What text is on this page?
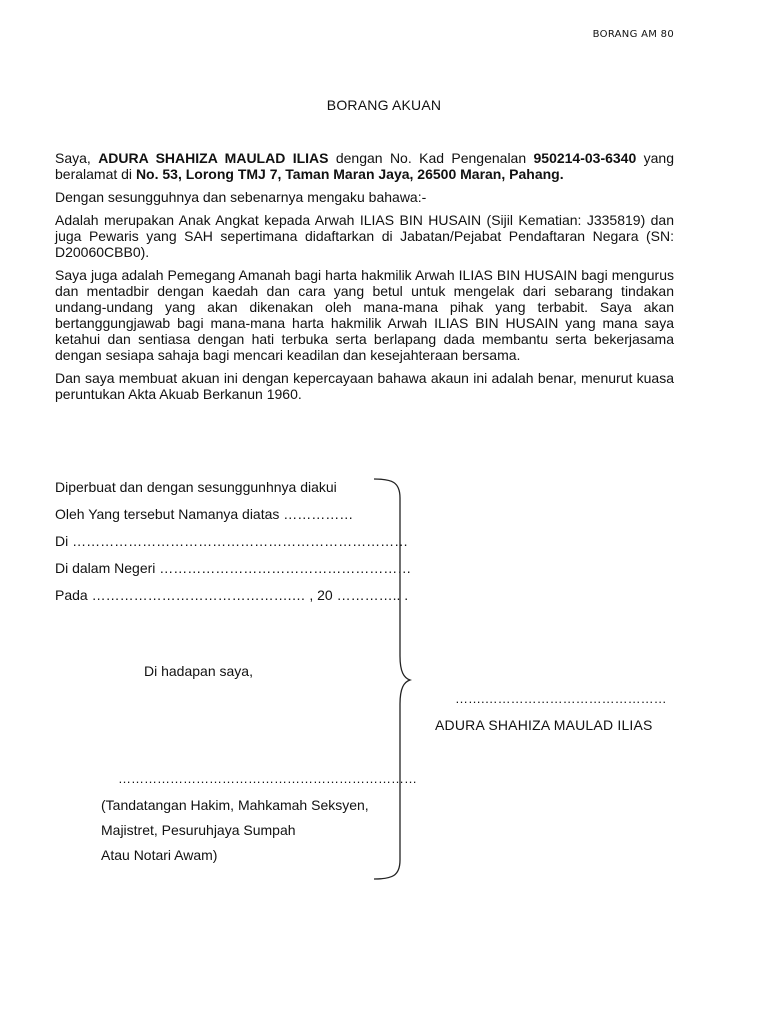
BORANG AM 80
BORANG AKUAN

Saya, ADURA SHAHIZA MAULAD ILIAS dengan No. Kad Pengenalan 950214-03-6340 yang beralamat di No. 53, Lorong TMJ 7, Taman Maran Jaya, 26500 Maran, Pahang.

Dengan sesungguhnya dan sebenarnya mengaku bahawa:-

Adalah merupakan Anak Angkat kepada Arwah ILIAS BIN HUSAIN (Sijil Kematian: J335819) dan juga Pewaris yang SAH sepertimana didaftarkan di Jabatan/Pejabat Pendaftaran Negara (SN: D20060CBB0).

Saya juga adalah Pemegang Amanah bagi harta hakmilik Arwah ILIAS BIN HUSAIN bagi mengurus dan mentadbir dengan kaedah dan cara yang betul untuk mengelak dari sebarang tindakan undang-undang yang akan dikenakan oleh mana-mana pihak yang terbabit. Saya akan bertanggungjawab bagi mana-mana harta hakmilik Arwah ILIAS BIN HUSAIN yang mana saya ketahui dan sentiasa dengan hati terbuka serta berlapang dada membantu serta bekerjasama dengan sesiapa sahaja bagi mencari keadilan dan kesejahteraan bersama.

Dan saya membuat akuan ini dengan kepercayaan bahawa akaun ini adalah benar, menurut kuasa peruntukan Akta Akuab Berkanun 1960.

Diperbuat dan dengan sesunggunhnya diakui
Oleh Yang tersebut Namanya diatas ……………
Di ………………………………………………………………
Di dalam Negeri ………………………………………………
Pada …………………………………….… , 20 ………….. .
Di hadapan saya,
…….……………………………………
ADURA SHAHIZA MAULAD ILIAS
……………………………………………………………
(Tandatangan Hakim, Mahkamah Seksyen,
Majistret, Pesuruhjaya Sumpah
Atau Notari Awam)
